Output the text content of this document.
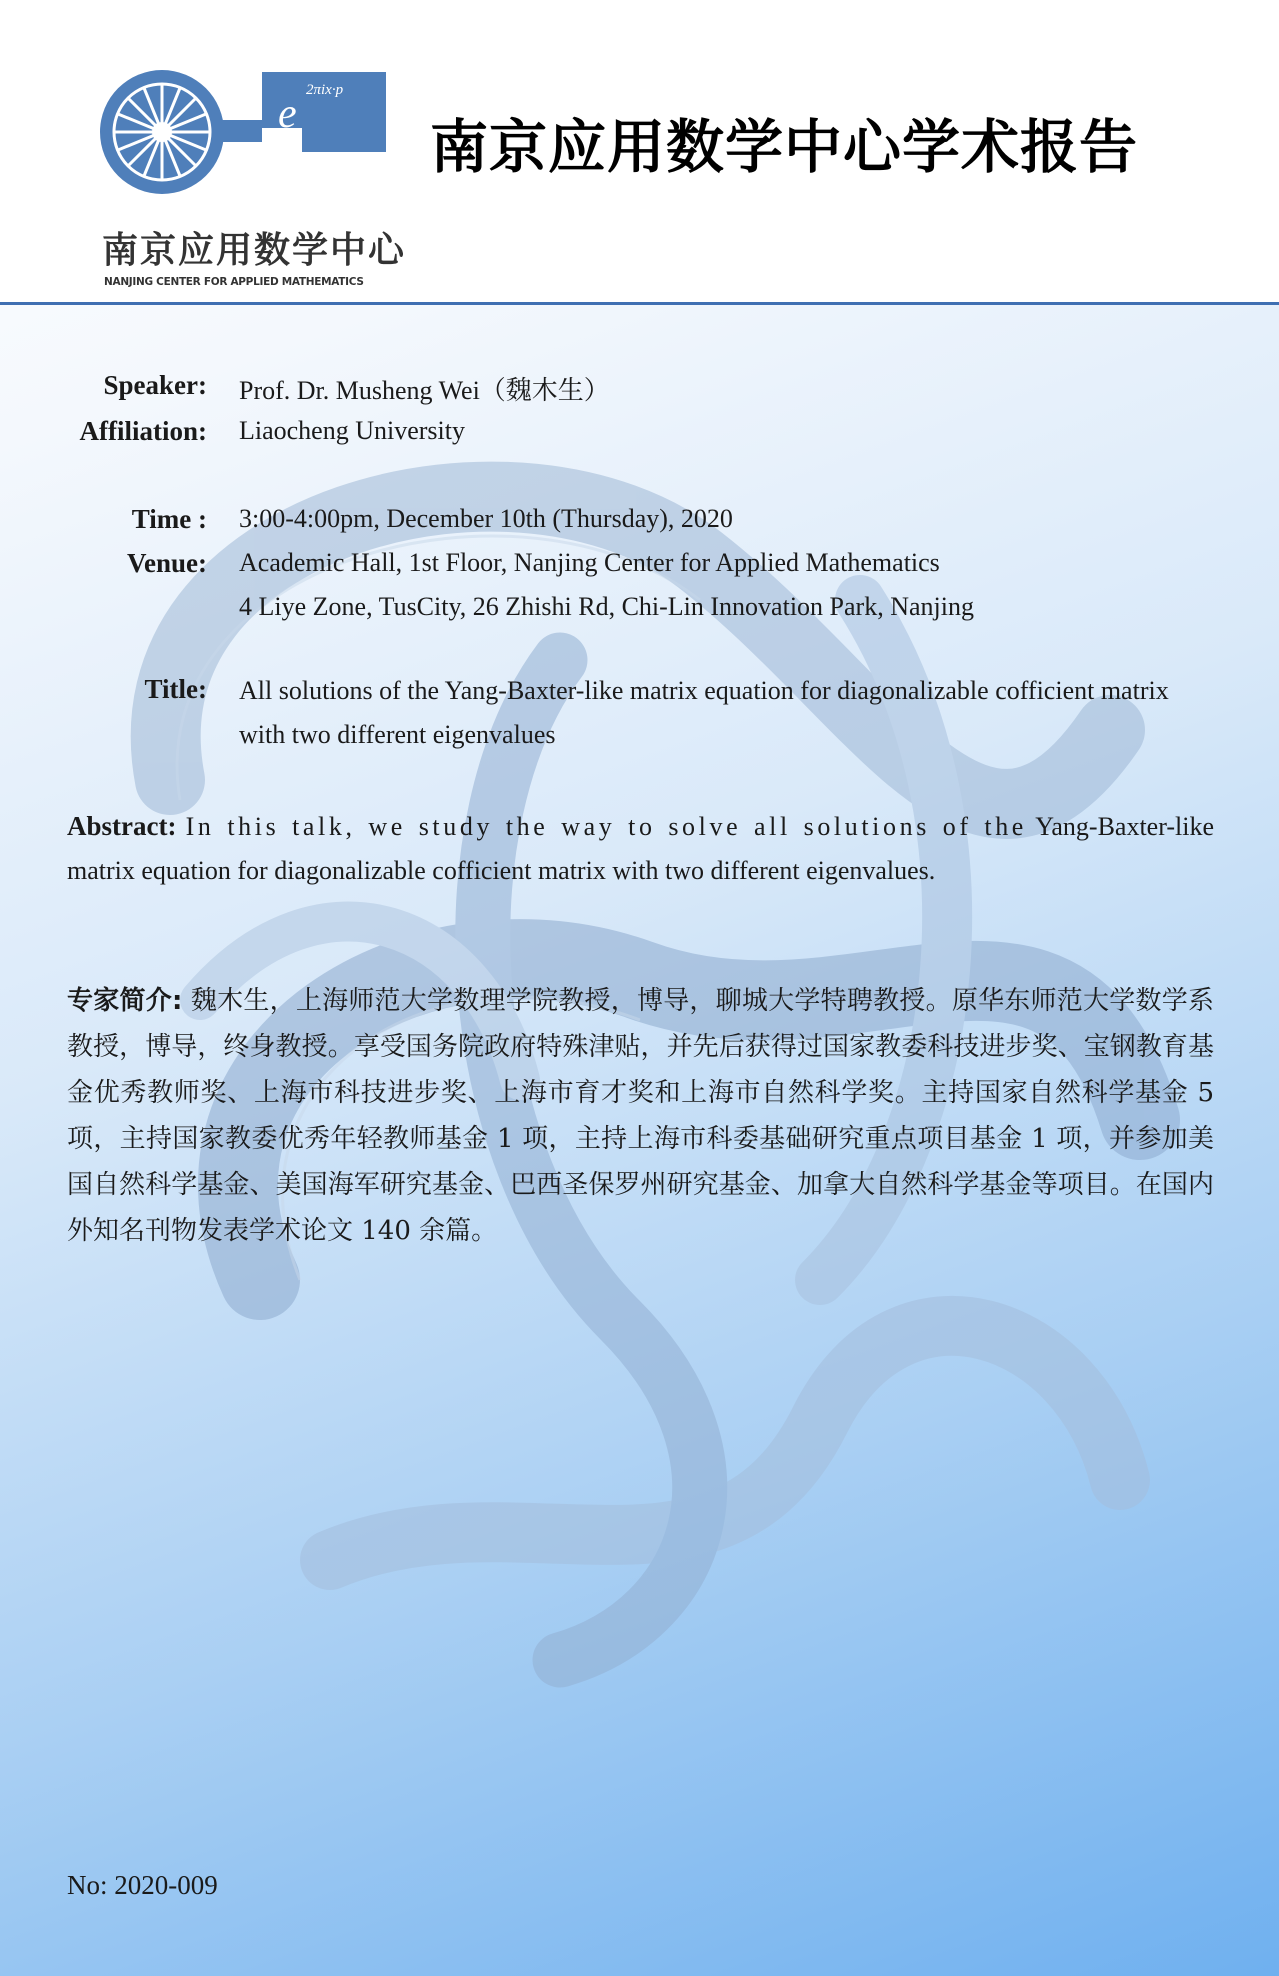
e
2πix·p
南京应用数学中心
NANJING CENTER FOR APPLIED MATHEMATICS
南京应用数学中心学术报告
Speaker: Prof. Dr. Musheng Wei（魏木生）
Affiliation: Liaocheng University
Time : 3:00-4:00pm, December 10th (Thursday), 2020
Venue: Academic Hall, 1st Floor, Nanjing Center for Applied Mathematics
4 Liye Zone, TusCity, 26 Zhishi Rd, Chi-Lin Innovation Park, Nanjing
Title: All solutions of the Yang-Baxter-like matrix equation for diagonalizable cofficient matrix with two different eigenvalues
Abstract: In this talk, we study the way to solve all solutions of the Yang-Baxter-like matrix equation for diagonalizable cofficient matrix with two different eigenvalues.
专家简介: 魏木生，上海师范大学数理学院教授，博导，聊城大学特聘教授。原华东师范大学数学系教授，博导，终身教授。享受国务院政府特殊津贴，并先后获得过国家教委科技进步奖、宝钢教育基金优秀教师奖、上海市科技进步奖、上海市育才奖和上海市自然科学奖。主持国家自然科学基金 5 项，主持国家教委优秀年轻教师基金 1 项，主持上海市科委基础研究重点项目基金 1 项，并参加美国自然科学基金、美国海军研究基金、巴西圣保罗州研究基金、加拿大自然科学基金等项目。在国内外知名刊物发表学术论文 140 余篇。
No: 2020-009
